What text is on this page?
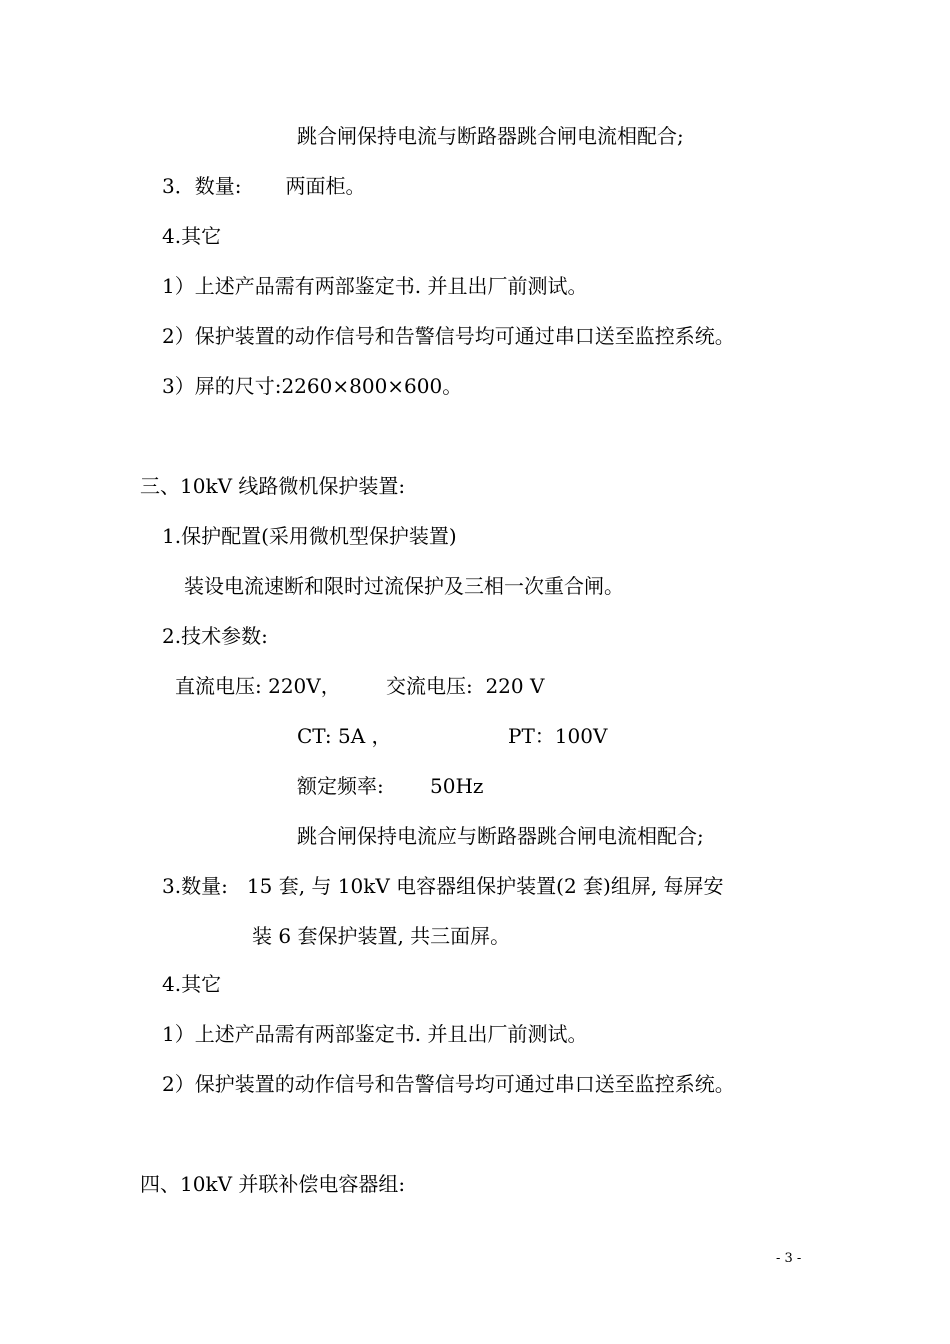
跳合闸保持电流与断路器跳合闸电流相配合;

3．数量: 两面柜。

4.其它

1）上述产品需有两部鉴定书. 并且出厂前测试。

2）保护装置的动作信号和告警信号均可通过串口送至监控系统。

3）屏的尺寸:2260×800×600。

三、10kV 线路微机保护装置:

1.保护配置(采用微机型保护装置)

装设电流速断和限时过流保护及三相一次重合闸。

2.技术参数:

直流电压: 220V， 交流电压:  220 V

CT: 5A ，	PT：100V

额定频率: 50Hz

跳合闸保持电流应与断路器跳合闸电流相配合;

3.数量:   15 套, 与 10kV 电容器组保护装置(2 套)组屏, 每屏安

装 6 套保护装置, 共三面屏。

4.其它

1）上述产品需有两部鉴定书. 并且出厂前测试。

2）保护装置的动作信号和告警信号均可通过串口送至监控系统。

四、10kV 并联补偿电容器组:

- 3 -
